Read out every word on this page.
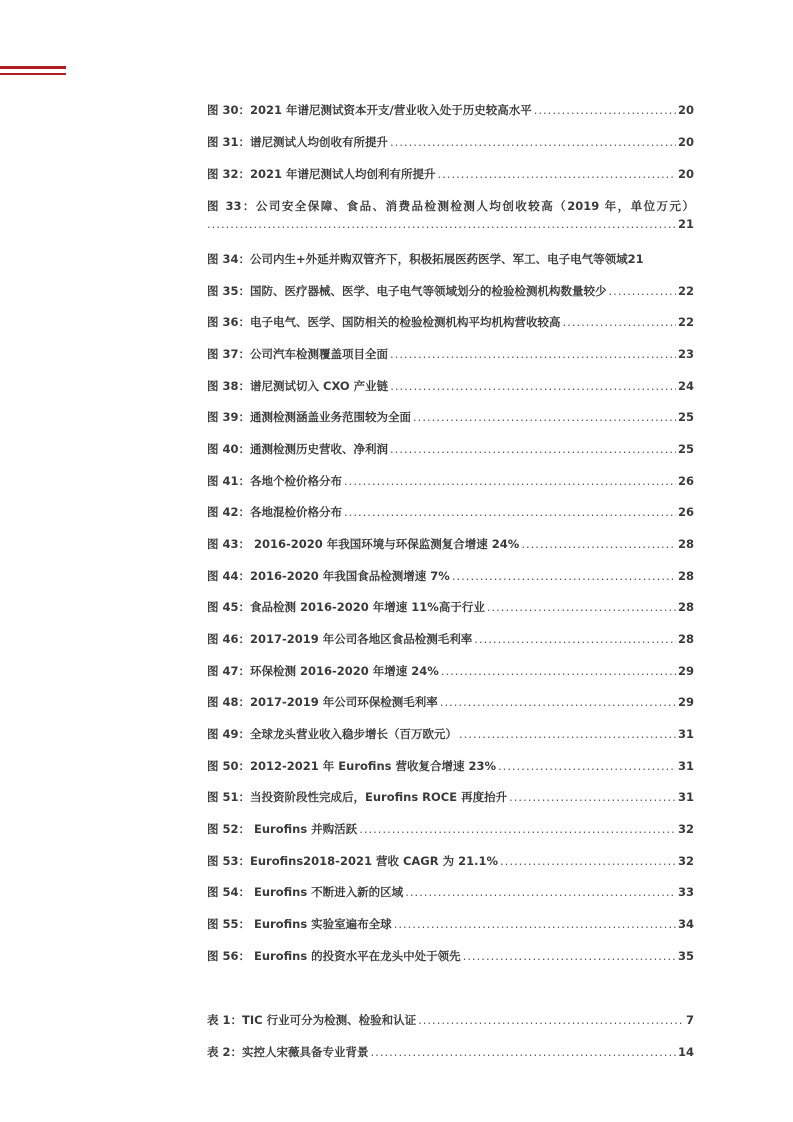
图 30：2021 年谱尼测试资本开支/营业收入处于历史较高水平 .....	20
图 31：谱尼测试人均创收有所提升 .....	20
图 32：2021 年谱尼测试人均创利有所提升 .....	20
图 33：公司安全保障、食品、消费品检测检测人均创收较高（2019 年，单位万元）
.....
21
图 34：公司内生+外延并购双管齐下，积极拓展医药医学、军工、电子电气等领域 21
图 35：国防、医疗器械、医学、电子电气等领域划分的检验检测机构数量较少 .....	22
图 36：电子电气、医学、国防相关的检验检测机构平均机构营收较高 .....	22
图 37：公司汽车检测覆盖项目全面 .....	23
图 38：谱尼测试切入 CXO 产业链 .....	24
图 39：通测检测涵盖业务范围较为全面 .....	25
图 40：通测检测历史营收、净利润 .....	25
图 41：各地个检价格分布 .....	26
图 42：各地混检价格分布 .....	26
图 43： 2016-2020 年我国环境与环保监测复合增速 24% .....	28
图 44：2016-2020 年我国食品检测增速 7% .....	28
图 45：食品检测 2016-2020 年增速 11%高于行业 .....	28
图 46：2017-2019 年公司各地区食品检测毛利率 .....	28
图 47：环保检测 2016-2020 年增速 24% .....	29
图 48：2017-2019 年公司环保检测毛利率 .....	29
图 49：全球龙头营业收入稳步增长（百万欧元） .....	31
图 50：2012-2021 年 Eurofins 营收复合增速 23% .....	31
图 51：当投资阶段性完成后，Eurofins ROCE 再度抬升 .....	31
图 52： Eurofins 并购活跃 .....	32
图 53：Eurofins2018-2021 营收 CAGR 为 21.1% .....	32
图 54： Eurofins 不断进入新的区域 .....	33
图 55： Eurofins 实验室遍布全球 .....	34
图 56： Eurofins 的投资水平在龙头中处于领先 .....	35
表 1：TIC 行业可分为检测、检验和认证 .....	7
表 2：实控人宋薇具备专业背景 .....	14
